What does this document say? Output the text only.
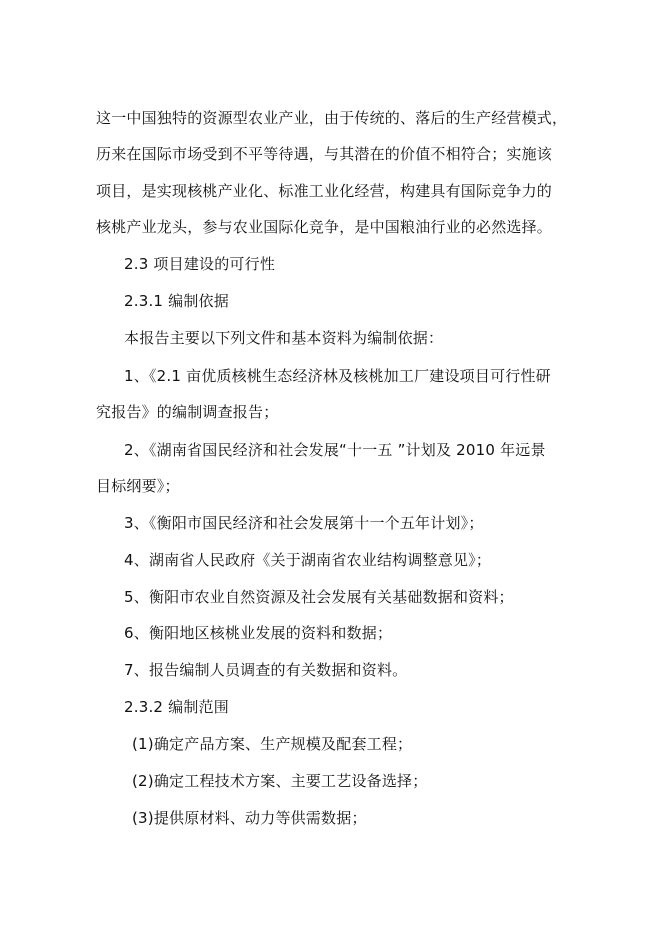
这一中国独特的资源型农业产业，由于传统的、落后的生产经营模式，
历来在国际市场受到不平等待遇，与其潜在的价值不相符合；实施该
项目，是实现核桃产业化、标准工业化经营，构建具有国际竞争力的
核桃产业龙头，参与农业国际化竞争，是中国粮油行业的必然选择。
2.3 项目建设的可行性
2.3.1 编制依据
本报告主要以下列文件和基本资料为编制依据：
1、《2.1 亩优质核桃生态经济林及核桃加工厂建设项目可行性研
究报告》的编制调查报告；
2、《湖南省国民经济和社会发展“十一五 ”计划及 2010 年远景
目标纲要》；
3、《衡阳市国民经济和社会发展第十一个五年计划》；
4、湖南省人民政府《关于湖南省农业结构调整意见》；
5、衡阳市农业自然资源及社会发展有关基础数据和资料；
6、衡阳地区核桃业发展的资料和数据；
7、报告编制人员调查的有关数据和资料。
2.3.2 编制范围
(1)确定产品方案、生产规模及配套工程；
(2)确定工程技术方案、主要工艺设备选择；
(3)提供原材料、动力等供需数据；
